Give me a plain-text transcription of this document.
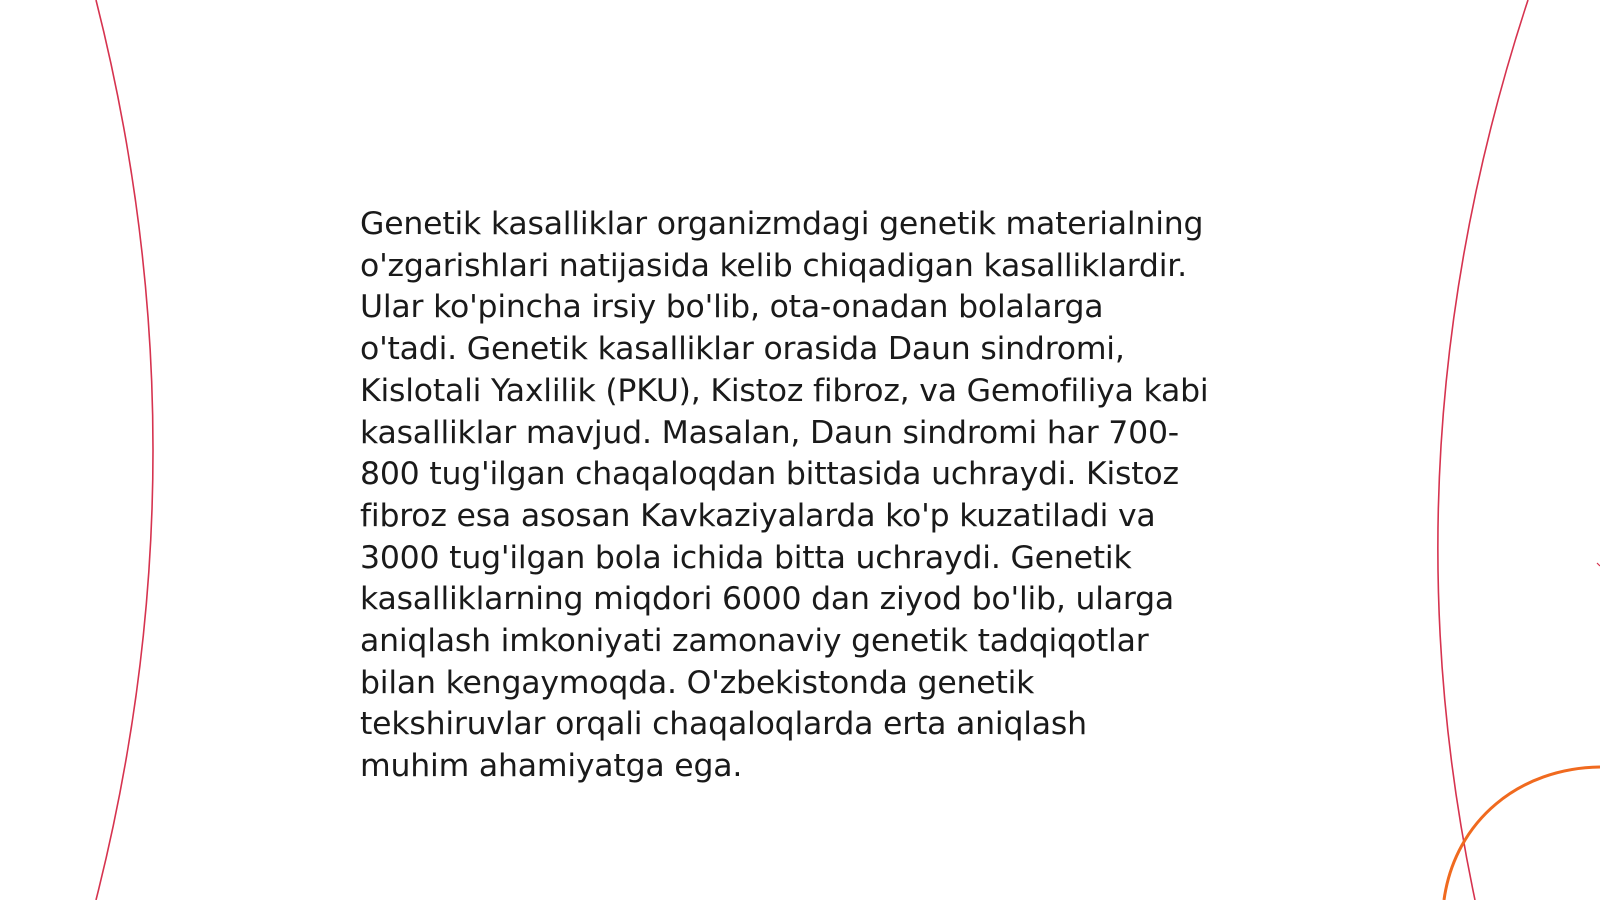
Genetik kasalliklar organizmdagi genetik materialning
o'zgarishlari natijasida kelib chiqadigan kasalliklardir.
Ular ko'pincha irsiy bo'lib, ota-onadan bolalarga
o'tadi. Genetik kasalliklar orasida Daun sindromi,
Kislotali Yaxlilik (PKU), Kistoz fibroz, va Gemofiliya kabi
kasalliklar mavjud. Masalan, Daun sindromi har 700-
800 tug'ilgan chaqaloqdan bittasida uchraydi. Kistoz
fibroz esa asosan Kavkaziyalarda ko'p kuzatiladi va
3000 tug'ilgan bola ichida bitta uchraydi. Genetik
kasalliklarning miqdori 6000 dan ziyod bo'lib, ularga
aniqlash imkoniyati zamonaviy genetik tadqiqotlar
bilan kengaymoqda. O'zbekistonda genetik
tekshiruvlar orqali chaqaloqlarda erta aniqlash
muhim ahamiyatga ega.
